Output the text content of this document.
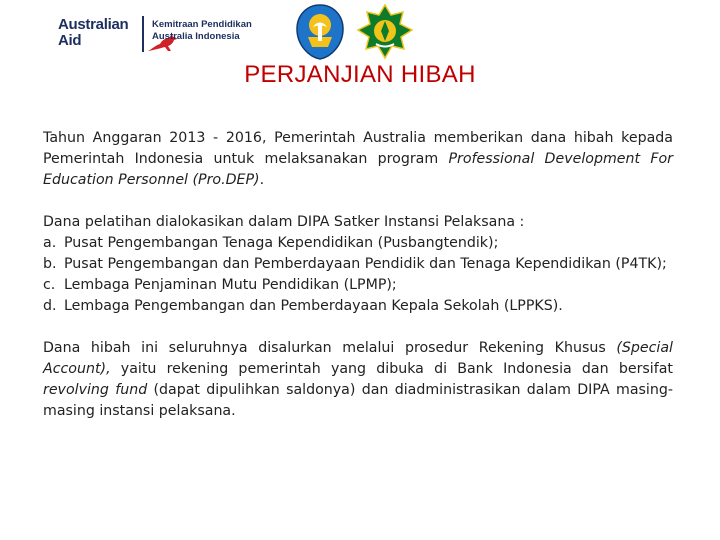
Australian
Aid
Kemitraan Pendidikan
Australia Indonesia
PERJANJIAN HIBAH

Tahun Anggaran 2013 - 2016, Pemerintah Australia memberikan dana hibah kepada Pemerintah Indonesia untuk melaksanakan program Professional Development For Education Personnel (Pro.DEP).

Dana pelatihan dialokasikan dalam DIPA Satker Instansi Pelaksana :

a. Pusat Pengembangan Tenaga Kependidikan (Pusbangtendik);
b. Pusat Pengembangan dan Pemberdayaan Pendidik dan Tenaga Kependidikan (P4TK);
c. Lembaga Penjaminan Mutu Pendidikan (LPMP);
d. Lembaga Pengembangan dan Pemberdayaan Kepala Sekolah (LPPKS).

Dana hibah ini seluruhnya disalurkan melalui prosedur Rekening Khusus (Special Account), yaitu rekening pemerintah yang dibuka di Bank Indonesia dan bersifat revolving fund (dapat dipulihkan saldonya) dan diadministrasikan dalam DIPA masing-masing instansi pelaksana.
